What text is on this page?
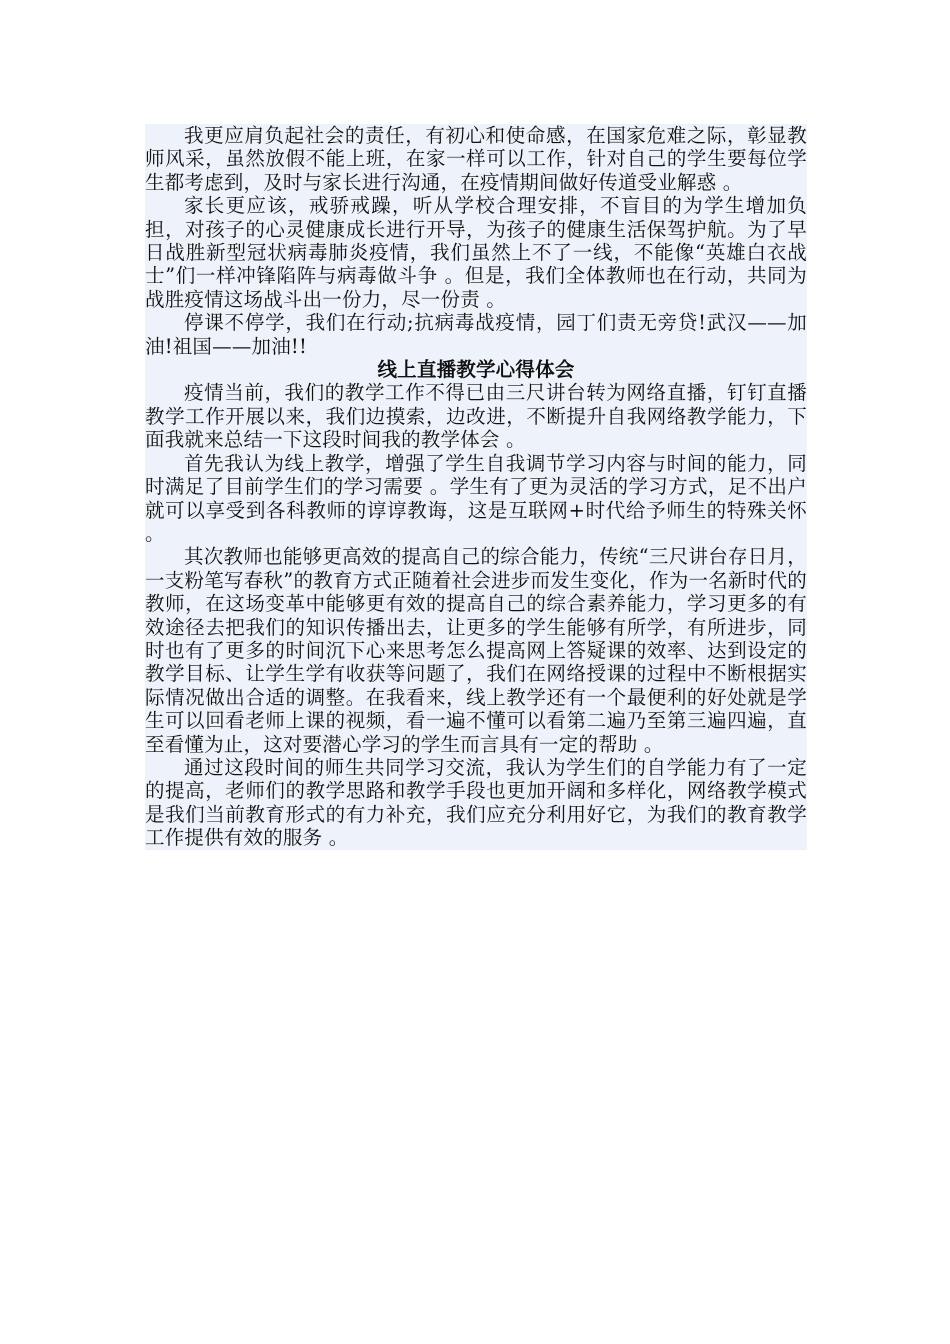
我更应肩负起社会的责任，有初心和使命感，在国家危难之际，彰显教师风采，虽然放假不能上班，在家一样可以工作，针对自己的学生要每位学生都考虑到，及时与家长进行沟通，在疫情期间做好传道受业解惑 。

家长更应该，戒骄戒躁，听从学校合理安排，不盲目的为学生增加负担，对孩子的心灵健康成长进行开导，为孩子的健康生活保驾护航。为了早日战胜新型冠状病毒肺炎疫情，我们虽然上不了一线，不能像“英雄白衣战士”们一样冲锋陷阵与病毒做斗争 。但是，我们全体教师也在行动，共同为战胜疫情这场战斗出一份力，尽一份责 。

停课不停学，我们在行动;抗病毒战疫情，园丁们责无旁贷!武汉——加油!祖国——加油!!

线上直播教学心得体会

疫情当前，我们的教学工作不得已由三尺讲台转为网络直播，钉钉直播教学工作开展以来，我们边摸索，边改进，不断提升自我网络教学能力，下面我就来总结一下这段时间我的教学体会 。

首先我认为线上教学，增强了学生自我调节学习内容与时间的能力，同时满足了目前学生们的学习需要 。学生有了更为灵活的学习方式，足不出户就可以享受到各科教师的谆谆教诲，这是互联网+时代给予师生的特殊关怀 。

其次教师也能够更高效的提高自己的综合能力，传统“三尺讲台存日月，一支粉笔写春秋”的教育方式正随着社会进步而发生变化，作为一名新时代的教师，在这场变革中能够更有效的提高自己的综合素养能力，学习更多的有效途径去把我们的知识传播出去，让更多的学生能够有所学，有所进步，同时也有了更多的时间沉下心来思考怎么提高网上答疑课的效率、达到设定的教学目标、让学生学有收获等问题了，我们在网络授课的过程中不断根据实际情况做出合适的调整。在我看来，线上教学还有一个最便利的好处就是学生可以回看老师上课的视频，看一遍不懂可以看第二遍乃至第三遍四遍，直至看懂为止，这对要潜心学习的学生而言具有一定的帮助 。

通过这段时间的师生共同学习交流，我认为学生们的自学能力有了一定的提高，老师们的教学思路和教学手段也更加开阔和多样化，网络教学模式是我们当前教育形式的有力补充，我们应充分利用好它，为我们的教育教学工作提供有效的服务 。
